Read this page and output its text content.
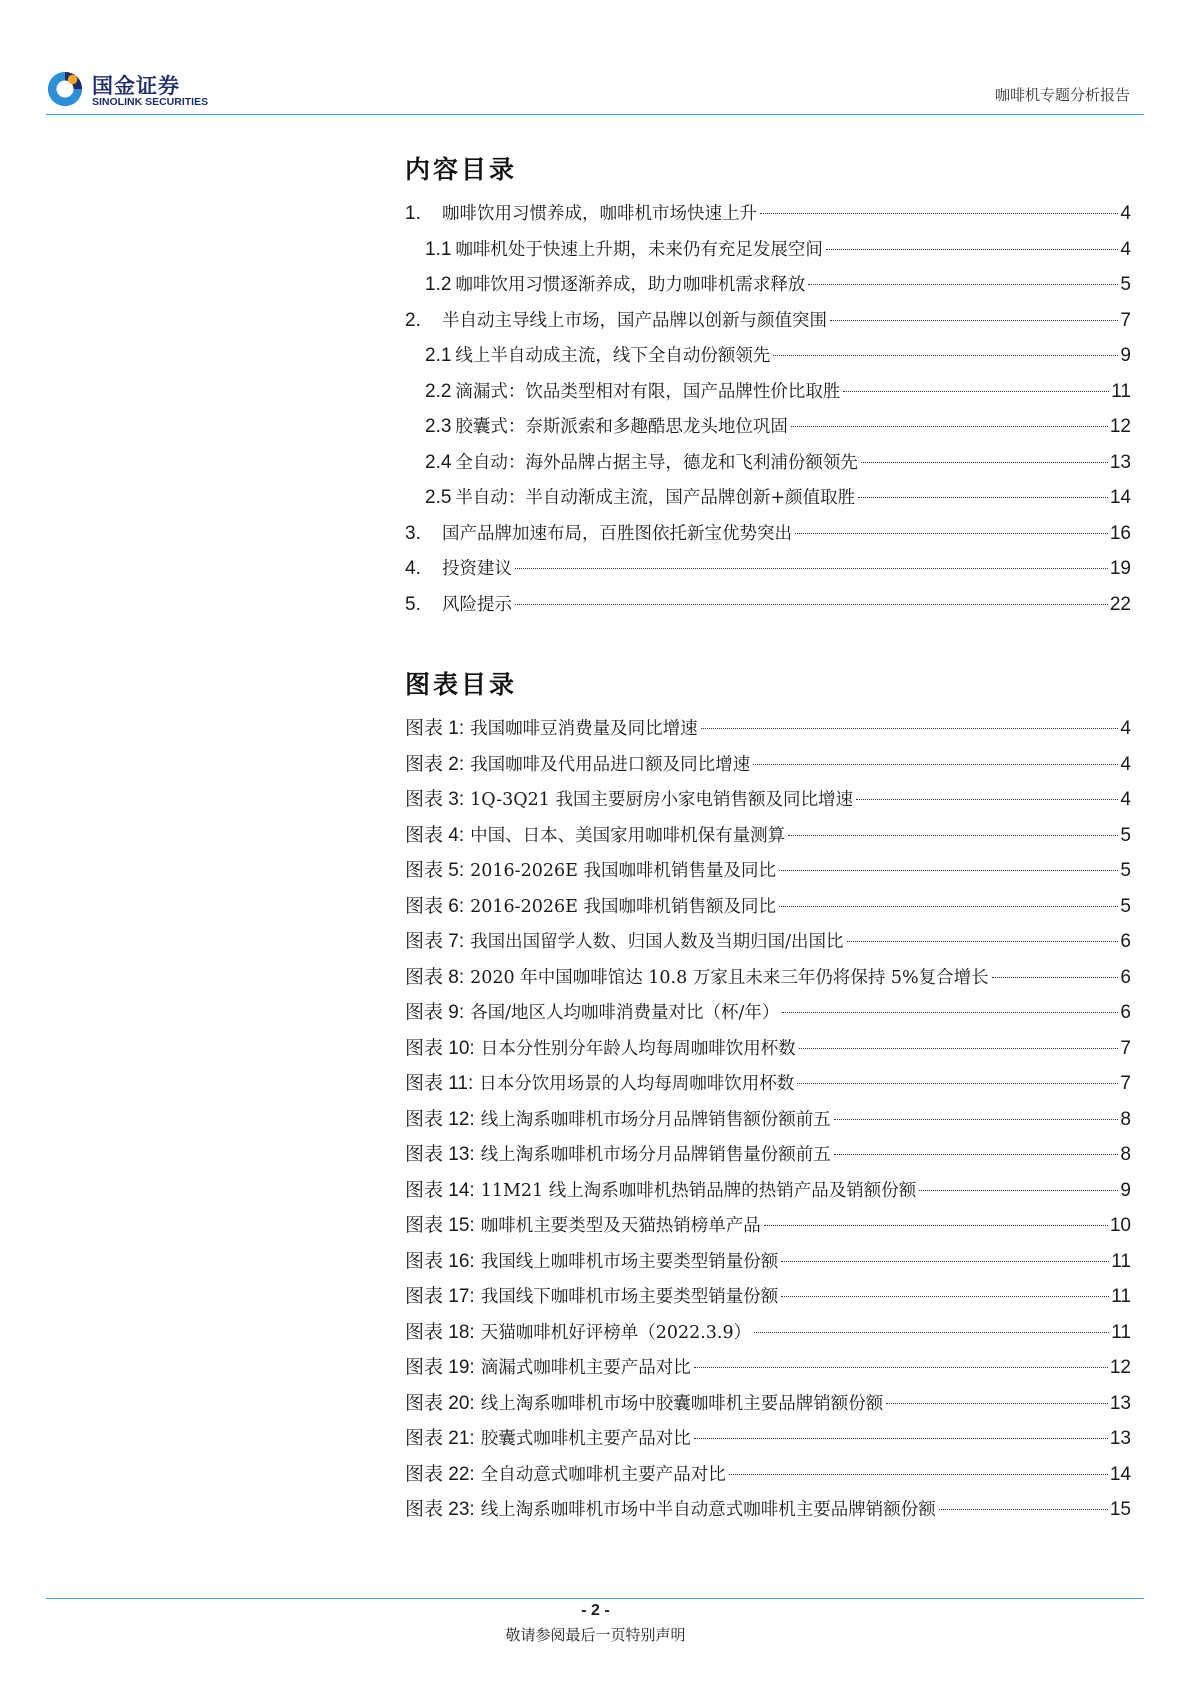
国金证券
SINOLINK SECURITIES	咖啡机专题分析报告
内容目录
1.	咖啡饮用习惯养成，咖啡机市场快速上升	4
1.1 咖啡机处于快速上升期，未来仍有充足发展空间	4
1.2 咖啡饮用习惯逐渐养成，助力咖啡机需求释放	5
2.	半自动主导线上市场，国产品牌以创新与颜值突围	7
2.1 线上半自动成主流，线下全自动份额领先	9
2.2 滴漏式：饮品类型相对有限，国产品牌性价比取胜	11
2.3 胶囊式：奈斯派索和多趣酷思龙头地位巩固	12
2.4 全自动：海外品牌占据主导，德龙和飞利浦份额领先	13
2.5 半自动：半自动渐成主流，国产品牌创新+颜值取胜	14
3.	国产品牌加速布局，百胜图依托新宝优势突出	16
4.	投资建议	19
5.	风险提示	22
图表目录
图表 1: 我国咖啡豆消费量及同比增速	4
图表 2: 我国咖啡及代用品进口额及同比增速	4
图表 3: 1Q-3Q21 我国主要厨房小家电销售额及同比增速	4
图表 4: 中国、日本、美国家用咖啡机保有量测算	5
图表 5: 2016-2026E 我国咖啡机销售量及同比	5
图表 6: 2016-2026E 我国咖啡机销售额及同比	5
图表 7: 我国出国留学人数、归国人数及当期归国/出国比	6
图表 8: 2020 年中国咖啡馆达 10.8 万家且未来三年仍将保持 5%复合增长	6
图表 9: 各国/地区人均咖啡消费量对比（杯/年）	6
图表 10: 日本分性别分年龄人均每周咖啡饮用杯数	7
图表 11: 日本分饮用场景的人均每周咖啡饮用杯数	7
图表 12: 线上淘系咖啡机市场分月品牌销售额份额前五	8
图表 13: 线上淘系咖啡机市场分月品牌销售量份额前五	8
图表 14: 11M21 线上淘系咖啡机热销品牌的热销产品及销额份额	9
图表 15: 咖啡机主要类型及天猫热销榜单产品	10
图表 16: 我国线上咖啡机市场主要类型销量份额	11
图表 17: 我国线下咖啡机市场主要类型销量份额	11
图表 18: 天猫咖啡机好评榜单（2022.3.9）	11
图表 19: 滴漏式咖啡机主要产品对比	12
图表 20: 线上淘系咖啡机市场中胶囊咖啡机主要品牌销额份额	13
图表 21: 胶囊式咖啡机主要产品对比	13
图表 22: 全自动意式咖啡机主要产品对比	14
图表 23: 线上淘系咖啡机市场中半自动意式咖啡机主要品牌销额份额	15
- 2 -
敬请参阅最后一页特别声明
